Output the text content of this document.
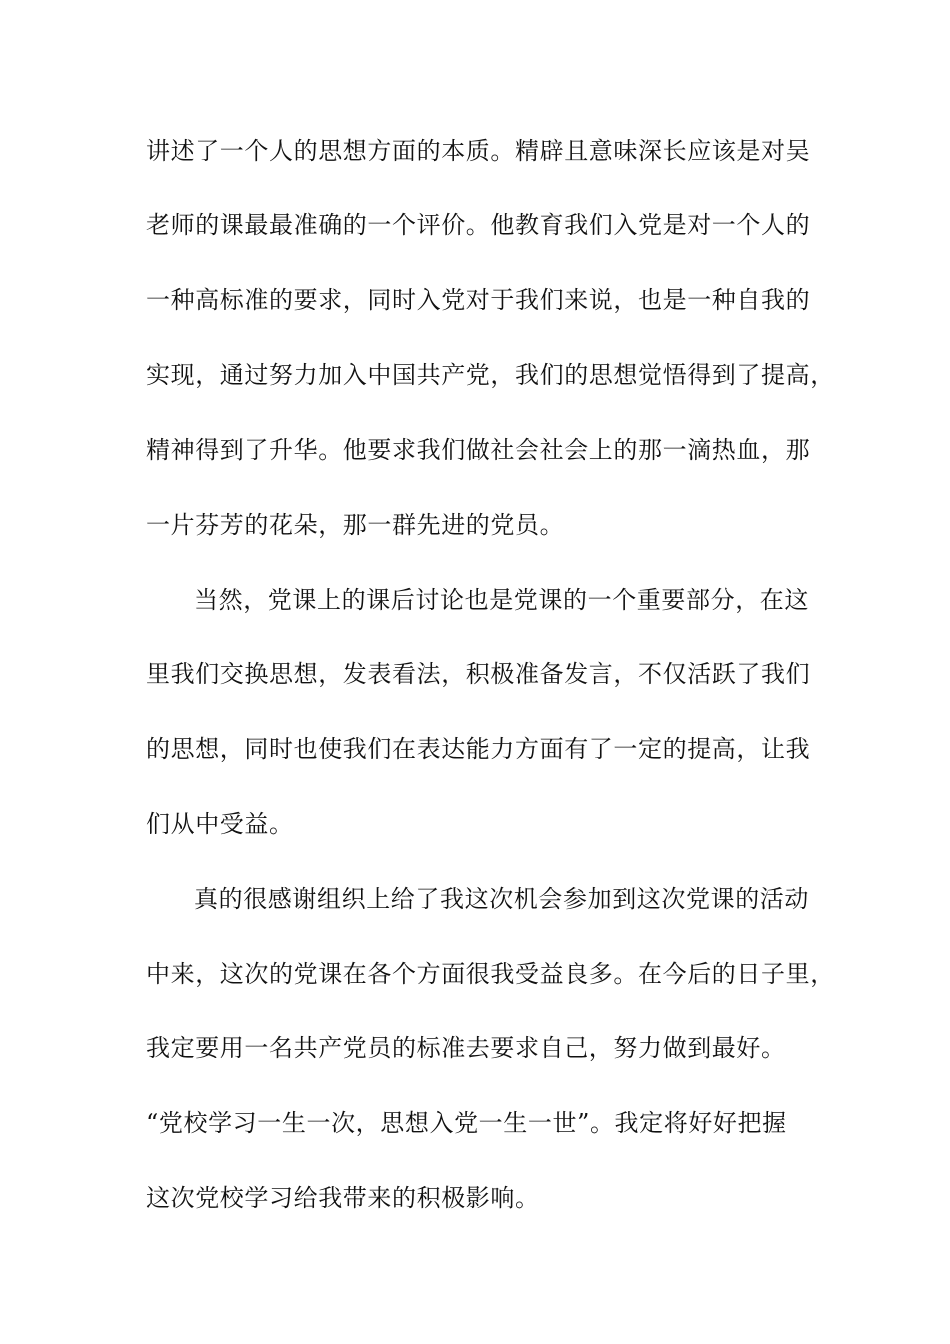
讲述了一个人的思想方面的本质。精辟且意味深长应该是对吴
老师的课最最准确的一个评价。他教育我们入党是对一个人的
一种高标准的要求，同时入党对于我们来说，也是一种自我的
实现，通过努力加入中国共产党，我们的思想觉悟得到了提高，
精神得到了升华。他要求我们做社会社会上的那一滴热血，那
一片芬芳的花朵，那一群先进的党员。
当然，党课上的课后讨论也是党课的一个重要部分，在这
里我们交换思想，发表看法，积极准备发言，不仅活跃了我们
的思想，同时也使我们在表达能力方面有了一定的提高，让我
们从中受益。
真的很感谢组织上给了我这次机会参加到这次党课的活动
中来，这次的党课在各个方面很我受益良多。在今后的日子里，
我定要用一名共产党员的标准去要求自己，努力做到最好。
“党校学习一生一次，思想入党一生一世”。我定将好好把握
这次党校学习给我带来的积极影响。
